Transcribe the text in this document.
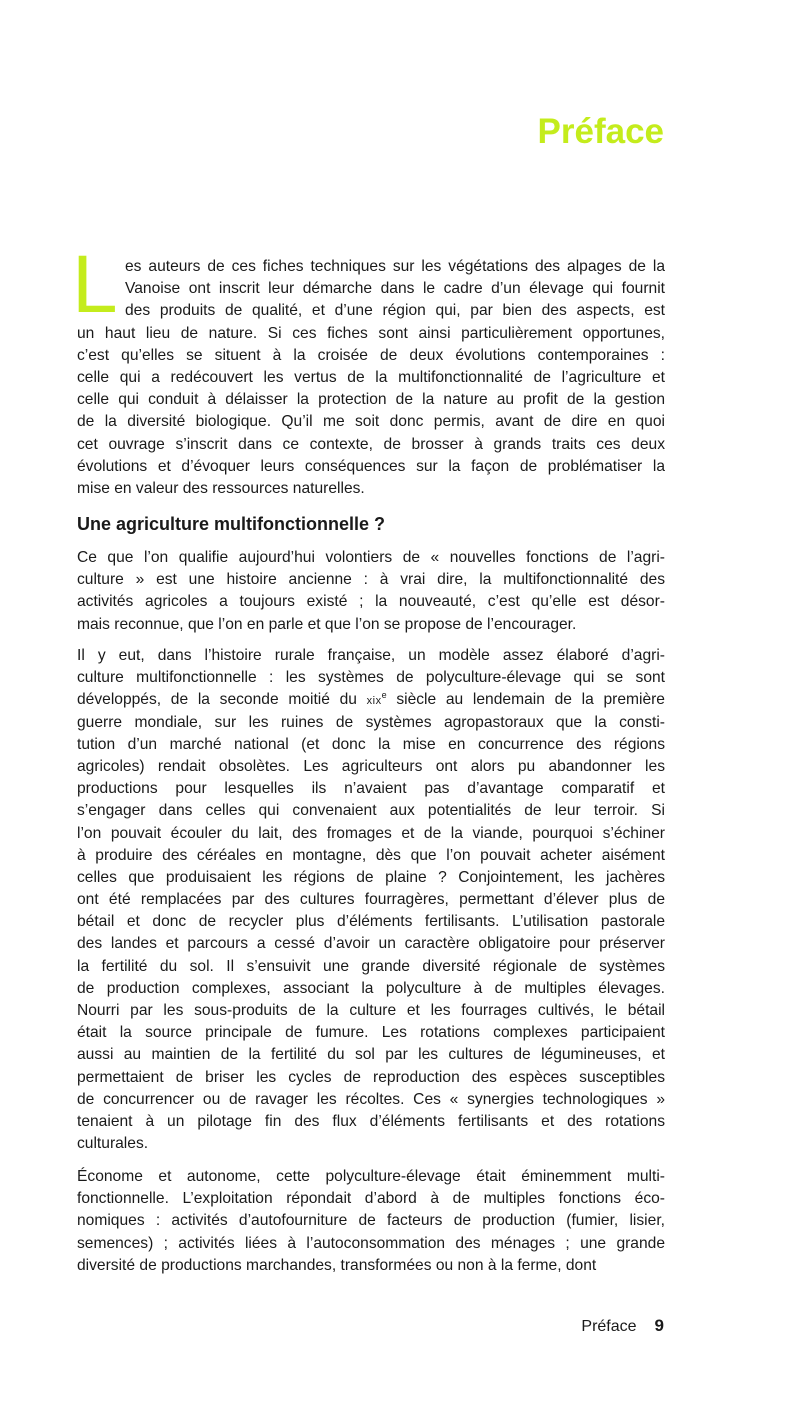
Préface
L es auteurs de ces fiches techniques sur les végétations des alpages de la
Vanoise ont inscrit leur démarche dans le cadre d’un élevage qui fournit
des produits de qualité, et d’une région qui, par bien des aspects, est
un haut lieu de nature. Si ces fiches sont ainsi particulièrement opportunes,
c’est qu’elles se situent à la croisée de deux évolutions contemporaines :
celle qui a redécouvert les vertus de la multifonctionnalité de l’agriculture et
celle qui conduit à délaisser la protection de la nature au profit de la gestion
de la diversité biologique. Qu’il me soit donc permis, avant de dire en quoi
cet ouvrage s’inscrit dans ce contexte, de brosser à grands traits ces deux
évolutions et d’évoquer leurs conséquences sur la façon de problématiser la
mise en valeur des ressources naturelles.
Une agriculture multifonctionnelle ?
Ce que l’on qualifie aujourd’hui volontiers de « nouvelles fonctions de l’agri-
culture » est une histoire ancienne : à vrai dire, la multifonctionnalité des
activités agricoles a toujours existé ; la nouveauté, c’est qu’elle est désor-
mais reconnue, que l’on en parle et que l’on se propose de l’encourager.
Il y eut, dans l’histoire rurale française, un modèle assez élaboré d’agri-
culture multifonctionnelle : les systèmes de polyculture-élevage qui se sont
développés, de la seconde moitié du xix$^e$ siècle au lendemain de la première
guerre mondiale, sur les ruines de systèmes agropastoraux que la consti-
tution d’un marché national (et donc la mise en concurrence des régions
agricoles) rendait obsolètes. Les agriculteurs ont alors pu abandonner les
productions pour lesquelles ils n’avaient pas d’avantage comparatif et
s’engager dans celles qui convenaient aux potentialités de leur terroir. Si
l’on pouvait écouler du lait, des fromages et de la viande, pourquoi s’échiner
à produire des céréales en montagne, dès que l’on pouvait acheter aisément
celles que produisaient les régions de plaine ? Conjointement, les jachères
ont été remplacées par des cultures fourragères, permettant d’élever plus de
bétail et donc de recycler plus d’éléments fertilisants. L’utilisation pastorale
des landes et parcours a cessé d’avoir un caractère obligatoire pour préserver
la fertilité du sol. Il s’ensuivit une grande diversité régionale de systèmes
de production complexes, associant la polyculture à de multiples élevages.
Nourri par les sous-produits de la culture et les fourrages cultivés, le bétail
était la source principale de fumure. Les rotations complexes participaient
aussi au maintien de la fertilité du sol par les cultures de légumineuses, et
permettaient de briser les cycles de reproduction des espèces susceptibles
de concurrencer ou de ravager les récoltes. Ces « synergies technologiques »
tenaient à un pilotage fin des flux d’éléments fertilisants et des rotations
culturales.
Économe et autonome, cette polyculture-élevage était éminemment multi-
fonctionnelle. L’exploitation répondait d’abord à de multiples fonctions éco-
nomiques : activités d’autofourniture de facteurs de production (fumier, lisier,
semences) ; activités liées à l’autoconsommation des ménages ; une grande
diversité de productions marchandes, transformées ou non à la ferme, dont
Préface 9
